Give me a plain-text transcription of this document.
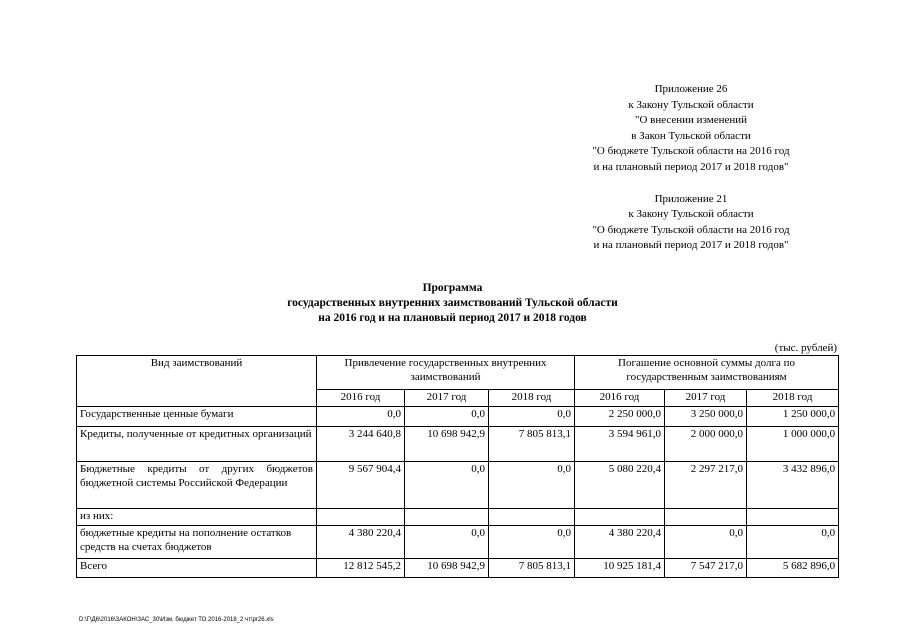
Приложение 26
к Закону Тульской области
"О внесении изменений
в Закон Тульской области
"О бюджете Тульской области на 2016 год
и на плановый период 2017 и 2018 годов"
Приложение 21
к Закону Тульской области
"О бюджете Тульской области на 2016 год
и на плановый период 2017 и 2018 годов"
Программа
государственных внутренних заимствований Тульской области
на 2016 год и на плановый период 2017 и 2018 годов
(тыс. рублей)
Вид заимствований	Привлечение государственных внутренних заимствований			Погашение основной суммы долга по государственным заимствованиям		
	2016 год	2017 год	2018 год	2016 год	2017 год	2018 год
Государственные ценные бумаги	0,0	0,0	0,0	2 250 000,0	3 250 000,0	1 250 000,0
Кредиты, полученные от кредитных организаций	3 244 640,8	10 698 942,9	7 805 813,1	3 594 961,0	2 000 000,0	1 000 000,0
Бюджетные кредиты от других бюджетов бюджетной системы Российской Федерации	9 567 904,4	0,0	0,0	5 080 220,4	2 297 217,0	3 432 896,0
из них:						
бюджетные кредиты на пополнение остатков средств на счетах бюджетов	4 380 220,4	0,0	0,0	4 380 220,4	0,0	0,0
Всего	12 812 545,2	10 698 942,9	7 805 813,1	10 925 181,4	7 547 217,0	5 682 896,0
D:\Г\Д6\2016\ЗАКОН\ЗАС_30\Изм. бюджет ТО 2016-2018_2 чт\pr26.xls
